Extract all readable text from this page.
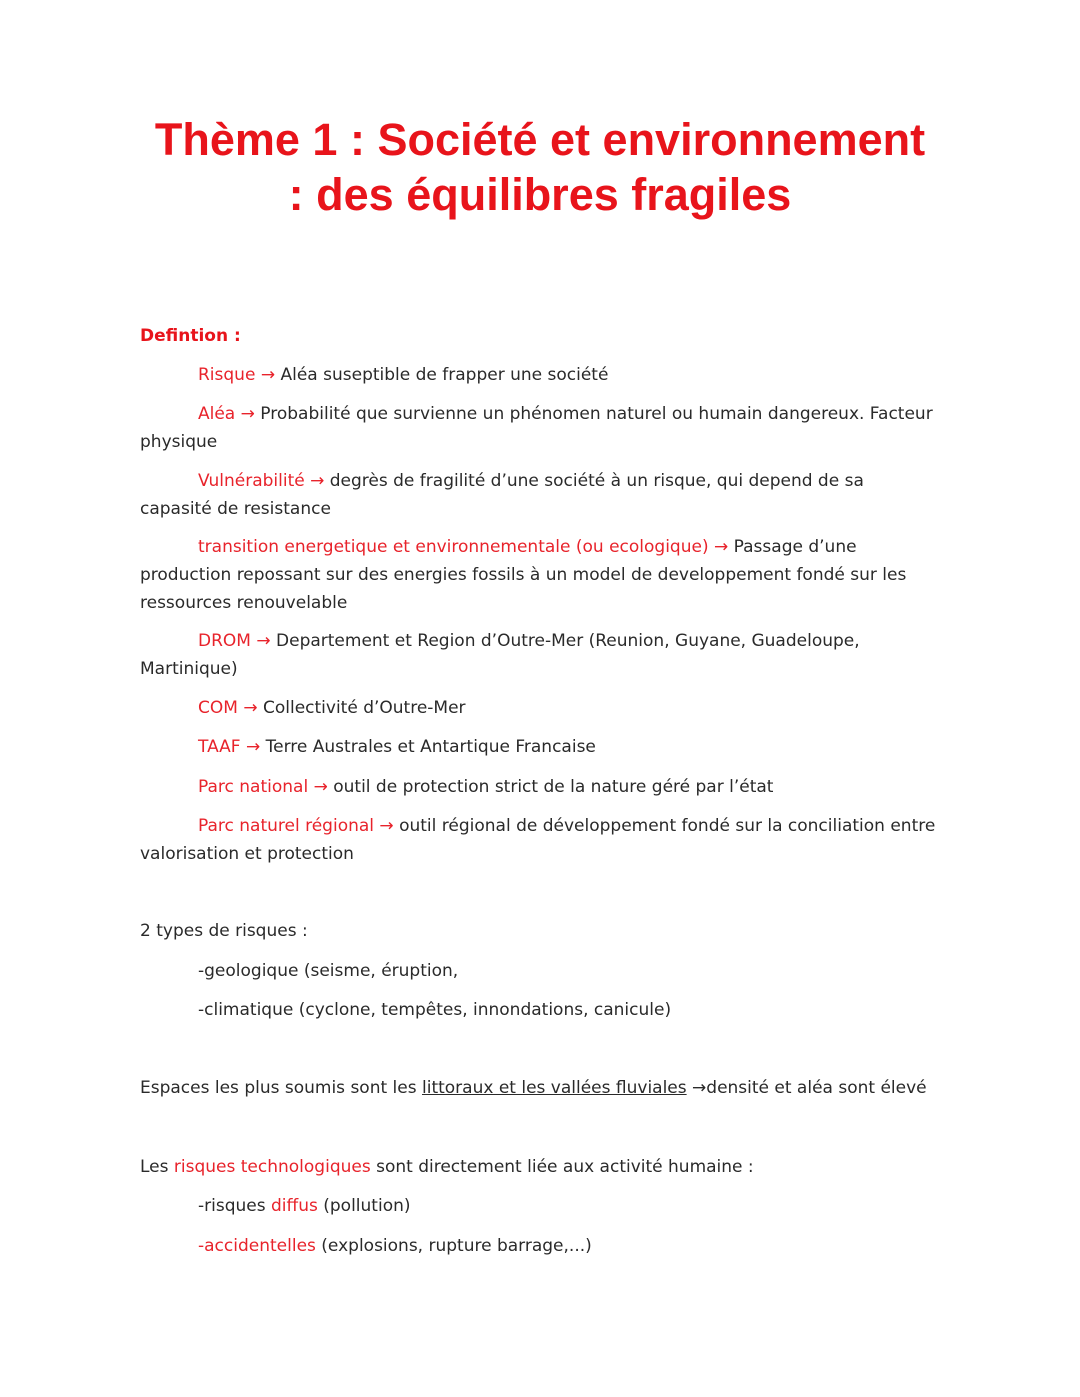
Thème 1 : Société et environnement : des équilibres fragiles

Defintion :

Risque → Aléa suseptible de frapper une société

Aléa → Probabilité que survienne un phénomen naturel ou humain dangereux. Facteur physique

Vulnérabilité → degrès de fragilité d’une société à un risque, qui depend de sa capasité de resistance

transition energetique et environnementale (ou ecologique) → Passage d’une production repossant sur des energies fossils à un model de developpement fondé sur les ressources renouvelable

DROM → Departement et Region d’Outre-Mer (Reunion, Guyane, Guadeloupe, Martinique)

COM → Collectivité d’Outre-Mer

TAAF → Terre Australes et Antartique Francaise

Parc national → outil de protection strict de la nature géré par l’état

Parc naturel régional → outil régional de développement fondé sur la conciliation entre valorisation et protection

2 types de risques :

-geologique (seisme, éruption,

-climatique (cyclone, tempêtes, innondations, canicule)

Espaces les plus soumis sont les littoraux et les vallées fluviales →densité et aléa sont élevé

Les risques technologiques sont directement liée aux activité humaine :

-risques diffus (pollution)

-accidentelles (explosions, rupture barrage,...)
